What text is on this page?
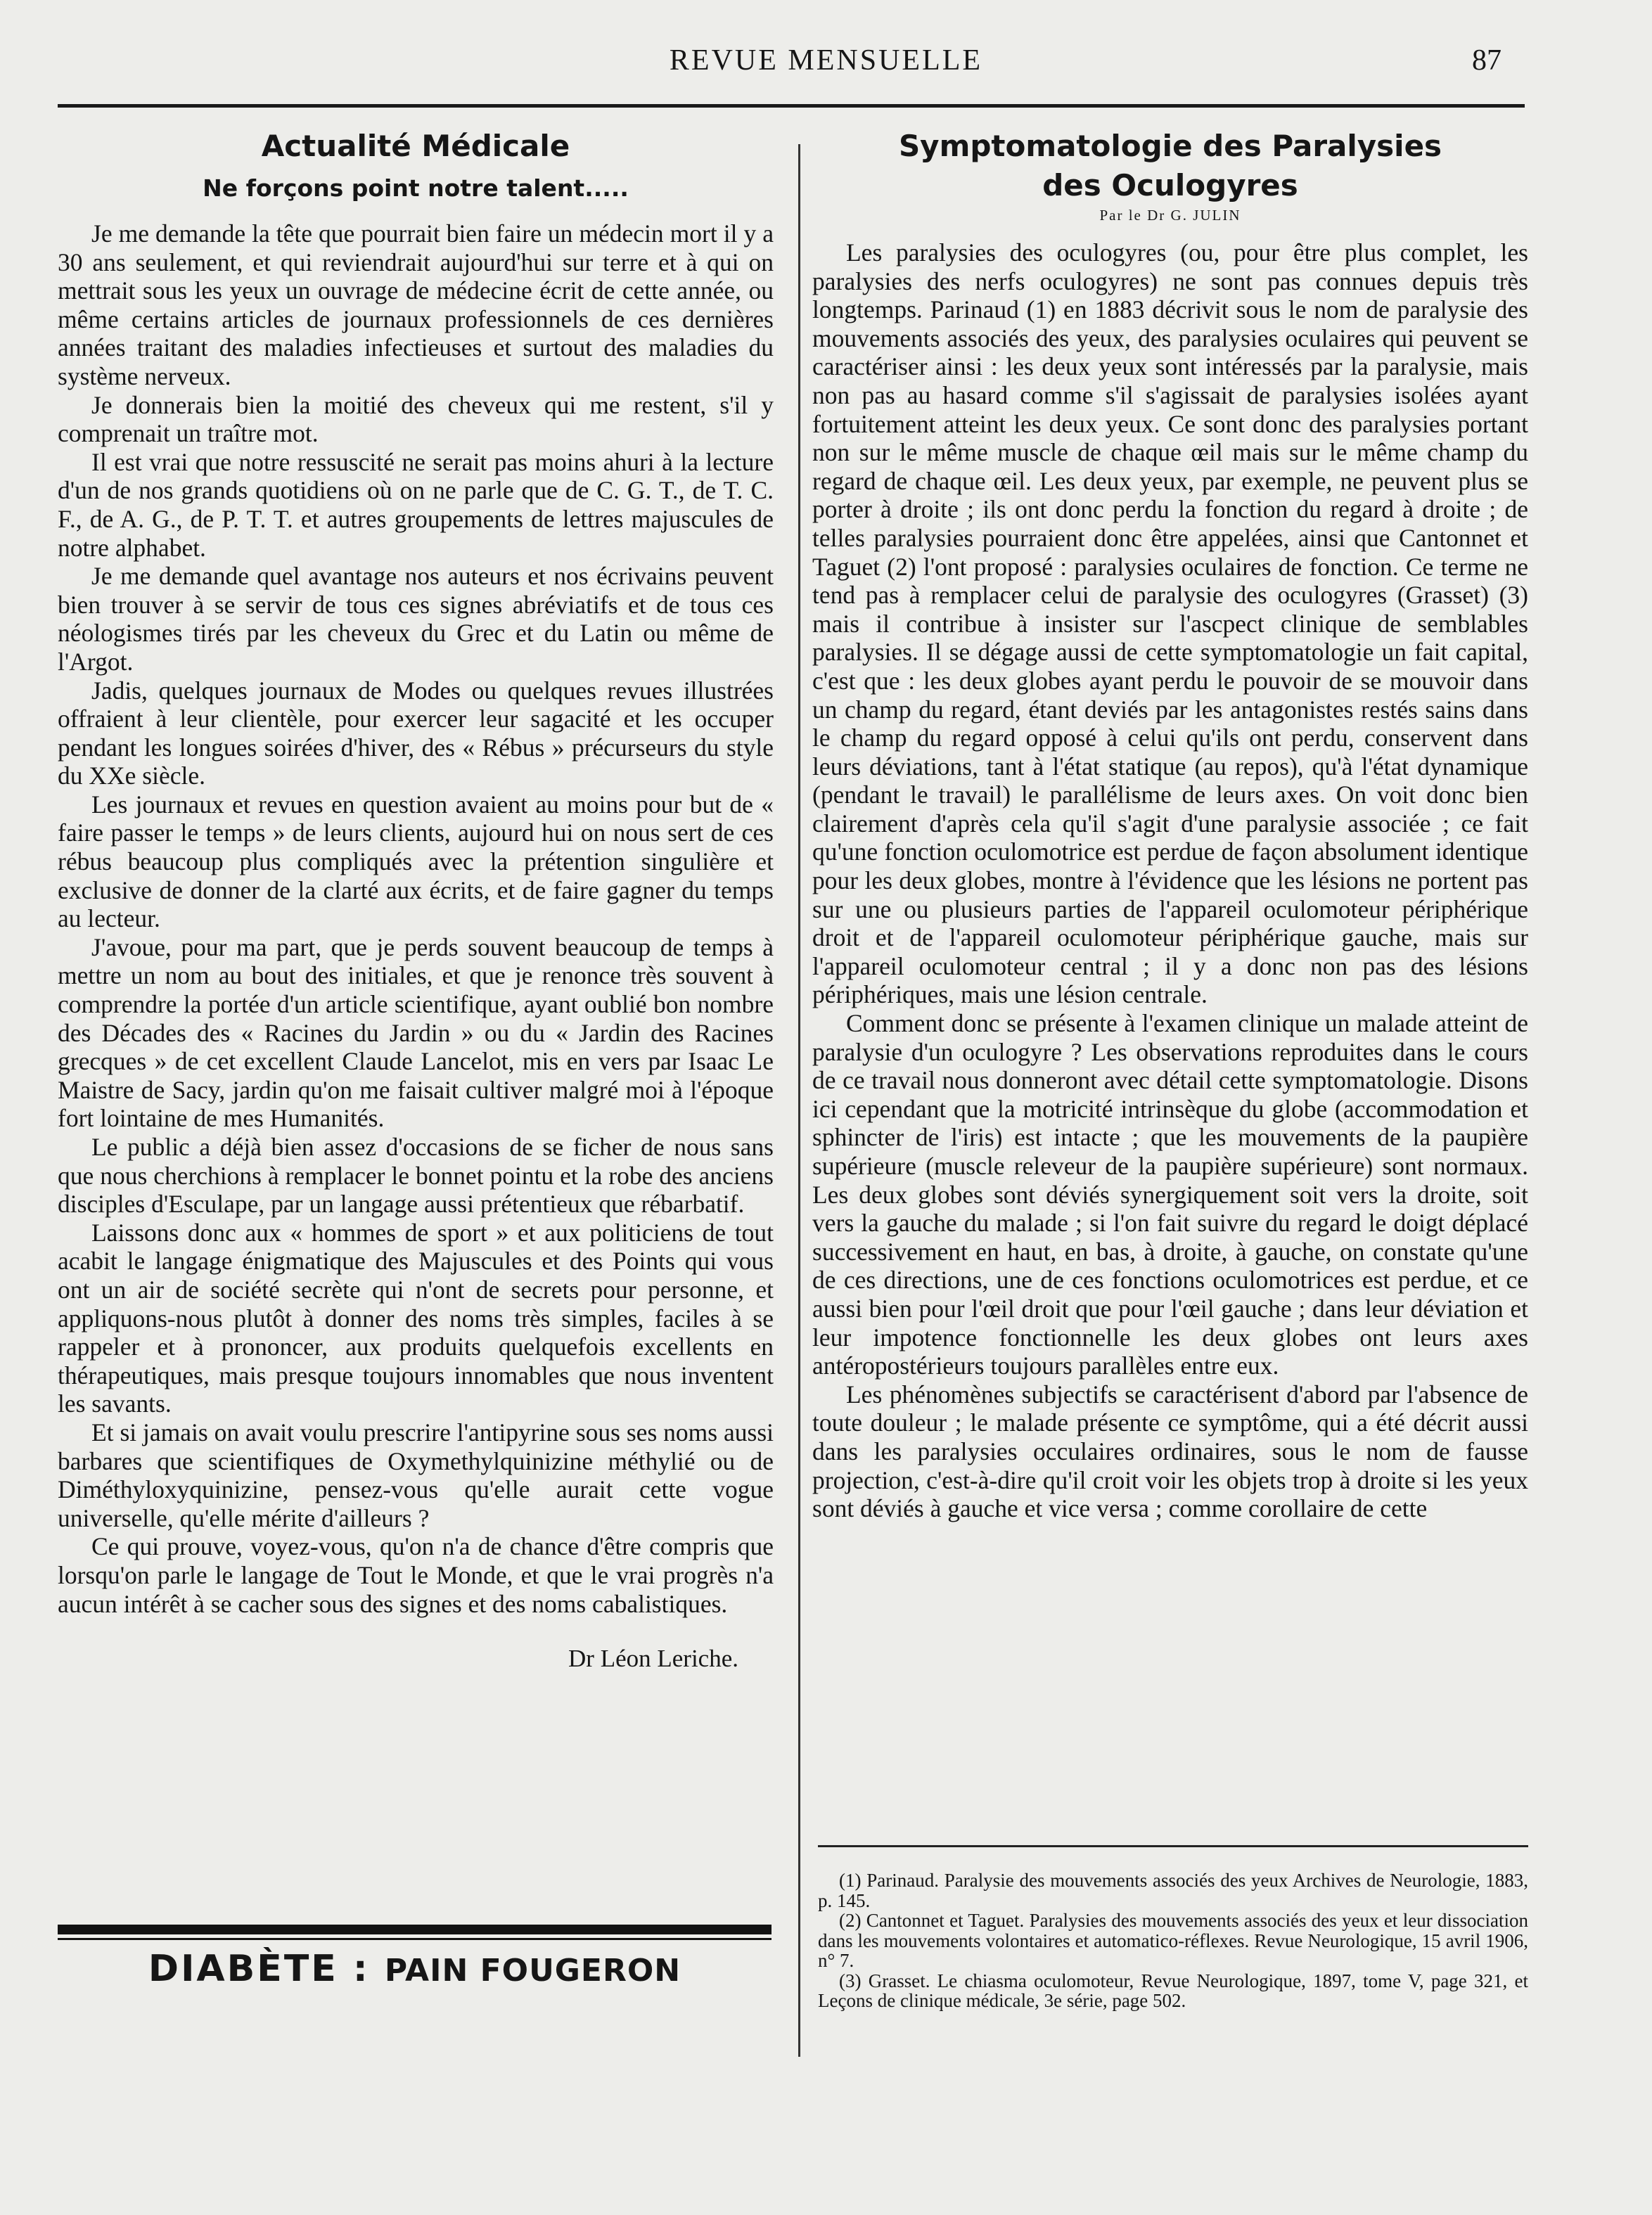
REVUE MENSUELLE	87
Actualité Médicale
Ne forçons point notre talent.....

Je me demande la tête que pourrait bien faire un médecin mort il y a 30 ans seulement, et qui reviendrait aujourd'hui sur terre et à qui on mettrait sous les yeux un ouvrage de médecine écrit de cette année, ou même certains articles de journaux professionnels de ces dernières années traitant des maladies infectieuses et surtout des maladies du système nerveux.

Je donnerais bien la moitié des cheveux qui me restent, s'il y comprenait un traître mot.

Il est vrai que notre ressuscité ne serait pas moins ahuri à la lecture d'un de nos grands quotidiens où on ne parle que de C. G. T., de T. C. F., de A. G., de P. T. T. et autres groupements de lettres majuscules de notre alphabet.

Je me demande quel avantage nos auteurs et nos écrivains peuvent bien trouver à se servir de tous ces signes abréviatifs et de tous ces néologismes tirés par les cheveux du Grec et du Latin ou même de l'Argot.

Jadis, quelques journaux de Modes ou quelques revues illustrées offraient à leur clientèle, pour exercer leur sagacité et les occuper pendant les longues soirées d'hiver, des « Rébus » précurseurs du style du XXe siècle.

Les journaux et revues en question avaient au moins pour but de « faire passer le temps » de leurs clients, aujourd hui on nous sert de ces rébus beaucoup plus compliqués avec la prétention singulière et exclusive de donner de la clarté aux écrits, et de faire gagner du temps au lecteur.

J'avoue, pour ma part, que je perds souvent beaucoup de temps à mettre un nom au bout des initiales, et que je renonce très souvent à comprendre la portée d'un article scientifique, ayant oublié bon nombre des Décades des « Racines du Jardin » ou du « Jardin des Racines grecques » de cet excellent Claude Lancelot, mis en vers par Isaac Le Maistre de Sacy, jardin qu'on me faisait cultiver malgré moi à l'époque fort lointaine de mes Humanités.

Le public a déjà bien assez d'occasions de se ficher de nous sans que nous cherchions à remplacer le bonnet pointu et la robe des anciens disciples d'Esculape, par un langage aussi prétentieux que rébarbatif.

Laissons donc aux « hommes de sport » et aux politiciens de tout acabit le langage énigmatique des Majuscules et des Points qui vous ont un air de société secrète qui n'ont de secrets pour personne, et appliquons-nous plutôt à donner des noms très simples, faciles à se rappeler et à prononcer, aux produits quelquefois excellents en thérapeutiques, mais presque toujours innomables que nous inventent les savants.

Et si jamais on avait voulu prescrire l'antipyrine sous ses noms aussi barbares que scientifiques de Oxymethylquinizine méthylié ou de Diméthyloxyquinizine, pensez-vous qu'elle aurait cette vogue universelle, qu'elle mérite d'ailleurs ?

Ce qui prouve, voyez-vous, qu'on n'a de chance d'être compris que lorsqu'on parle le langage de Tout le Monde, et que le vrai progrès n'a aucun intérêt à se cacher sous des signes et des noms cabalistiques.

Dr Léon Leriche.

DIABÈTE : PAIN FOUGERON
Symptomatologie des Paralysies
des Oculogyres
Par le Dr G. JULIN

Les paralysies des oculogyres (ou, pour être plus complet, les paralysies des nerfs oculogyres) ne sont pas connues depuis très longtemps. Parinaud (1) en 1883 décrivit sous le nom de paralysie des mouvements associés des yeux, des paralysies oculaires qui peuvent se caractériser ainsi : les deux yeux sont intéressés par la paralysie, mais non pas au hasard comme s'il s'agissait de paralysies isolées ayant fortuitement atteint les deux yeux. Ce sont donc des paralysies portant non sur le même muscle de chaque œil mais sur le même champ du regard de chaque œil. Les deux yeux, par exemple, ne peuvent plus se porter à droite ; ils ont donc perdu la fonction du regard à droite ; de telles paralysies pourraient donc être appelées, ainsi que Cantonnet et Taguet (2) l'ont proposé : paralysies oculaires de fonction. Ce terme ne tend pas à remplacer celui de paralysie des oculogyres (Grasset) (3) mais il contribue à insister sur l'ascpect clinique de semblables paralysies. Il se dégage aussi de cette symptomatologie un fait capital, c'est que : les deux globes ayant perdu le pouvoir de se mouvoir dans un champ du regard, étant deviés par les antagonistes restés sains dans le champ du regard opposé à celui qu'ils ont perdu, conservent dans leurs déviations, tant à l'état statique (au repos), qu'à l'état dynamique (pendant le travail) le parallélisme de leurs axes. On voit donc bien clairement d'après cela qu'il s'agit d'une paralysie associée ; ce fait qu'une fonction oculomotrice est perdue de façon absolument identique pour les deux globes, montre à l'évidence que les lésions ne portent pas sur une ou plusieurs parties de l'appareil oculomoteur périphérique droit et de l'appareil oculomoteur périphérique gauche, mais sur l'appareil oculomoteur central ; il y a donc non pas des lésions périphériques, mais une lésion centrale.

Comment donc se présente à l'examen clinique un malade atteint de paralysie d'un oculogyre ? Les observations reproduites dans le cours de ce travail nous donneront avec détail cette symptomatologie. Disons ici cependant que la motricité intrinsèque du globe (accommodation et sphincter de l'iris) est intacte ; que les mouvements de la paupière supérieure (muscle releveur de la paupière supérieure) sont normaux. Les deux globes sont déviés synergiquement soit vers la droite, soit vers la gauche du malade ; si l'on fait suivre du regard le doigt déplacé successivement en haut, en bas, à droite, à gauche, on constate qu'une de ces directions, une de ces fonctions oculomotrices est perdue, et ce aussi bien pour l'œil droit que pour l'œil gauche ; dans leur déviation et leur impotence fonctionnelle les deux globes ont leurs axes antéropostérieurs toujours parallèles entre eux.

Les phénomènes subjectifs se caractérisent d'abord par l'absence de toute douleur ; le malade présente ce symptôme, qui a été décrit aussi dans les paralysies occulaires ordinaires, sous le nom de fausse projection, c'est-à-dire qu'il croit voir les objets trop à droite si les yeux sont déviés à gauche et vice versa ; comme corollaire de cette

(1) Parinaud. Paralysie des mouvements associés des yeux Archives de Neurologie, 1883, p. 145.

(2) Cantonnet et Taguet. Paralysies des mouvements associés des yeux et leur dissociation dans les mouvements volontaires et automatico-réflexes. Revue Neurologique, 15 avril 1906, n° 7.

(3) Grasset. Le chiasma oculomoteur, Revue Neurologique, 1897, tome V, page 321, et Leçons de clinique médicale, 3e série, page 502.
